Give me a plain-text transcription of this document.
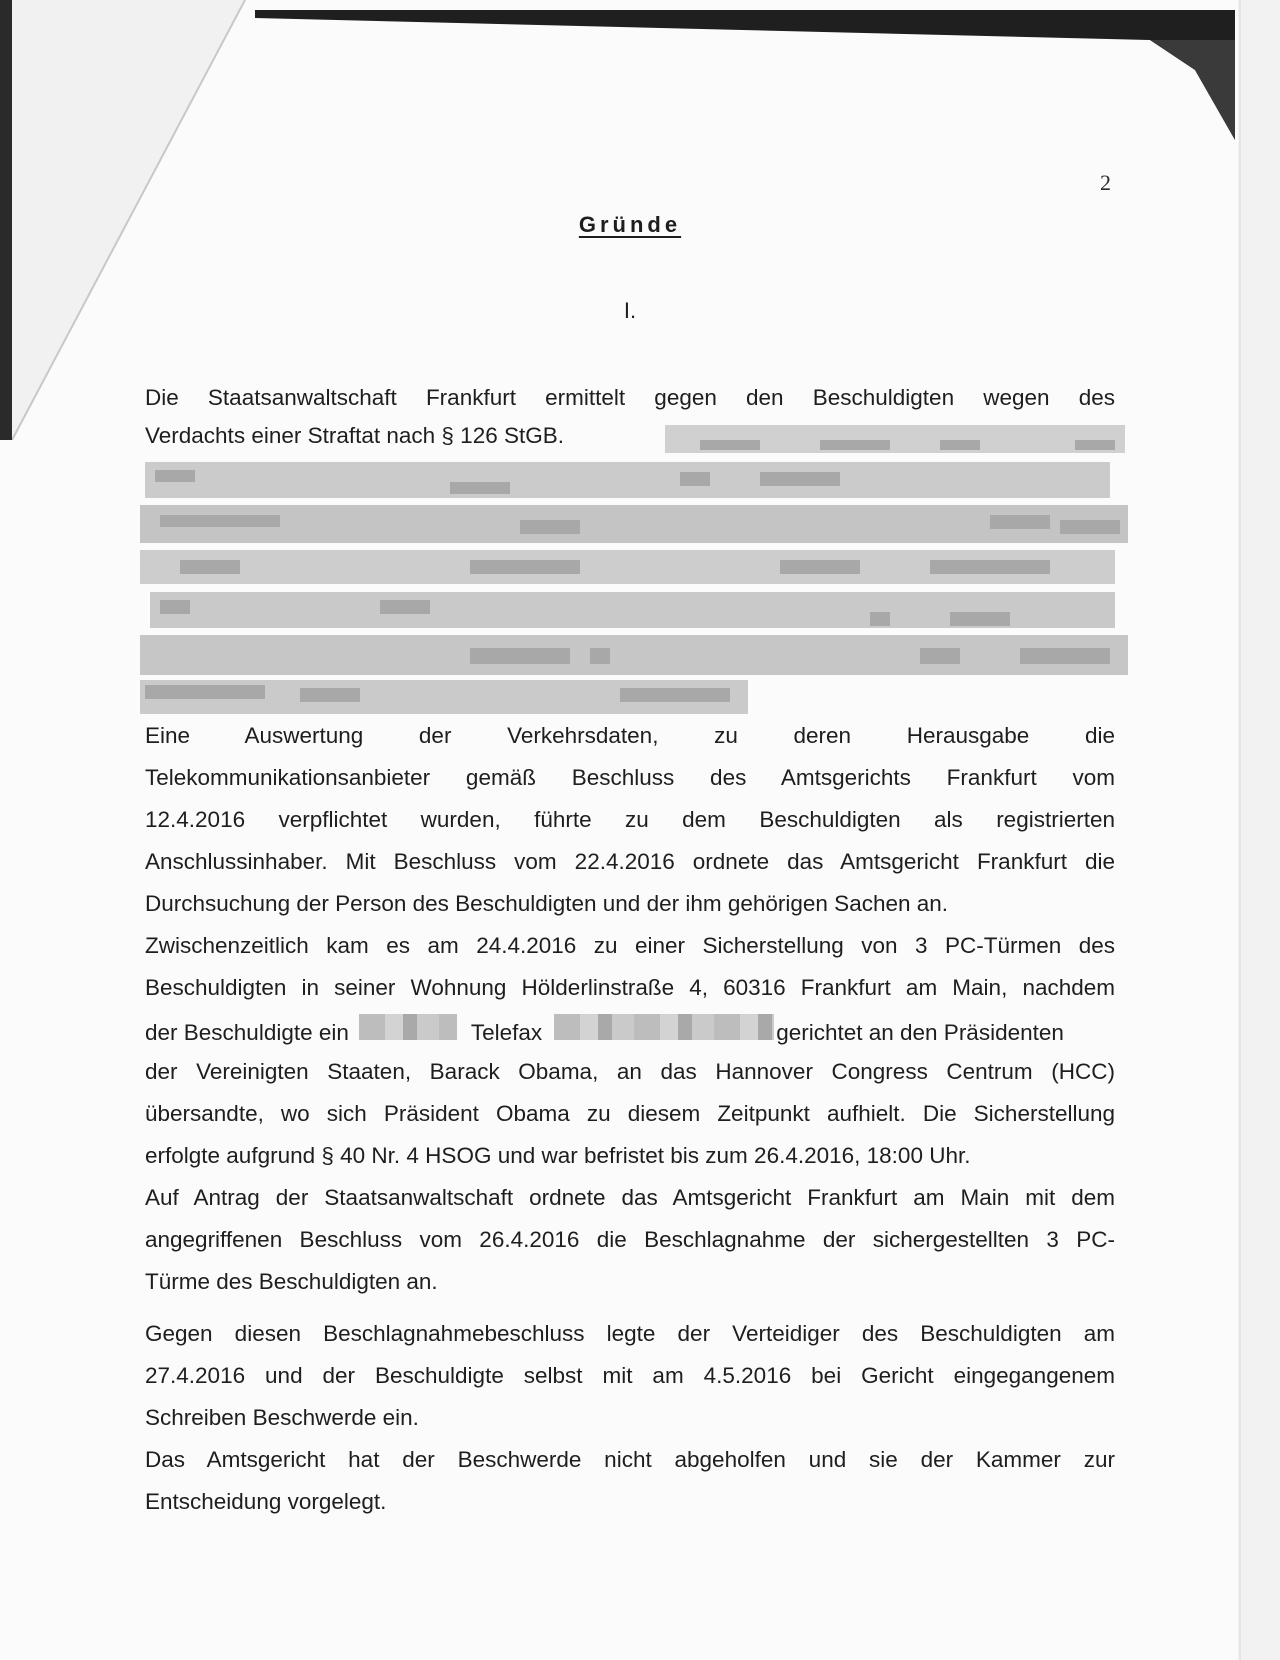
2
Gründe
I.
Die Staatsanwaltschaft Frankfurt ermittelt gegen den Beschuldigten wegen des
Verdachts einer Straftat nach § 126 StGB.
Eine Auswertung der Verkehrsdaten, zu deren Herausgabe die
Telekommunikationsanbieter gemäß Beschluss des Amtsgerichts Frankfurt vom
12.4.2016 verpflichtet wurden, führte zu dem Beschuldigten als registrierten
Anschlussinhaber. Mit Beschluss vom 22.4.2016 ordnete das Amtsgericht Frankfurt die
Durchsuchung der Person des Beschuldigten und der ihm gehörigen Sachen an.
Zwischenzeitlich kam es am 24.4.2016 zu einer Sicherstellung von 3 PC-Türmen des
Beschuldigten in seiner Wohnung Hölderlinstraße 4, 60316 Frankfurt am Main, nachdem
der Beschuldigte ein	Telefax	gerichtet an den Präsidenten
der Vereinigten Staaten, Barack Obama, an das Hannover Congress Centrum (HCC)
übersandte, wo sich Präsident Obama zu diesem Zeitpunkt aufhielt. Die Sicherstellung
erfolgte aufgrund § 40 Nr. 4 HSOG und war befristet bis zum 26.4.2016, 18:00 Uhr.
Auf Antrag der Staatsanwaltschaft ordnete das Amtsgericht Frankfurt am Main mit dem
angegriffenen Beschluss vom 26.4.2016 die Beschlagnahme der sichergestellten 3 PC-
Türme des Beschuldigten an.
Gegen diesen Beschlagnahmebeschluss legte der Verteidiger des Beschuldigten am
27.4.2016 und der Beschuldigte selbst mit am 4.5.2016 bei Gericht eingegangenem
Schreiben Beschwerde ein.
Das Amtsgericht hat der Beschwerde nicht abgeholfen und sie der Kammer zur
Entscheidung vorgelegt.
